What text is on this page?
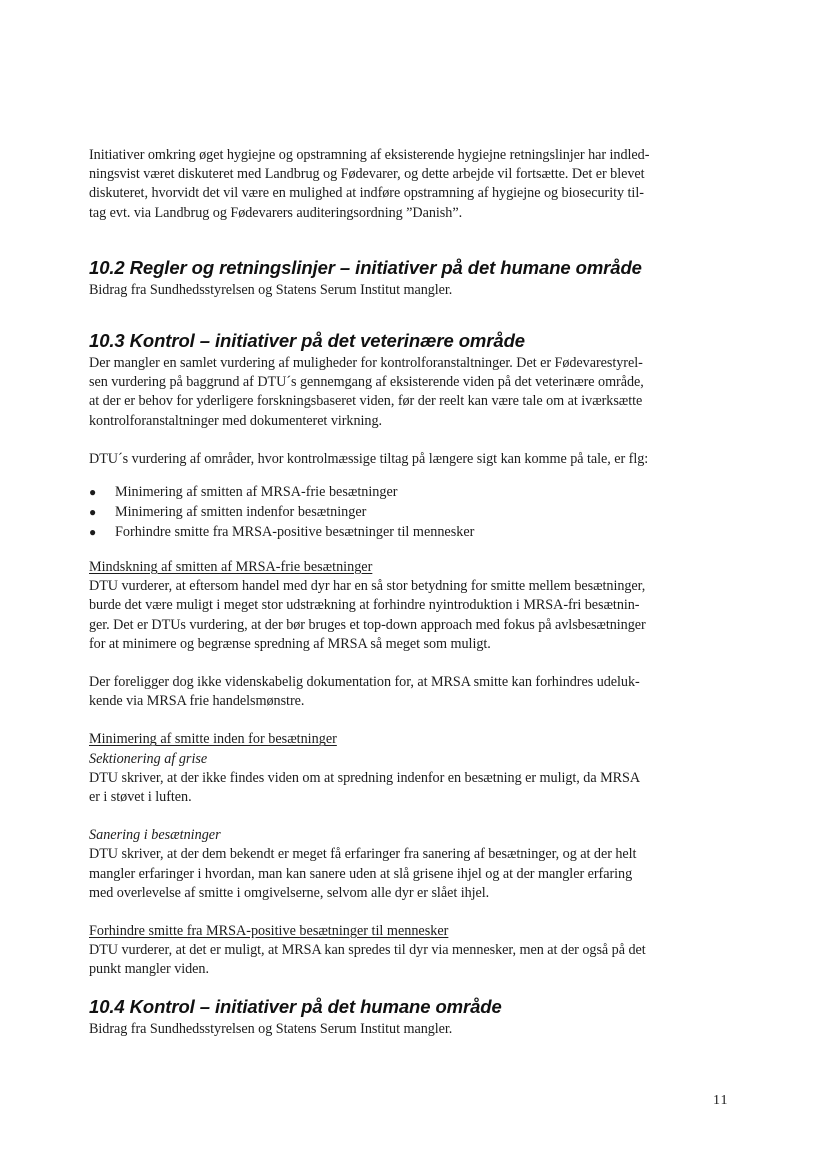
Initiativer omkring øget hygiejne og opstramning af eksisterende hygiejne retningslinjer har indled-
ningsvist været diskuteret med Landbrug og Fødevarer, og dette arbejde vil fortsætte. Det er blevet
diskuteret, hvorvidt det vil være en mulighed at indføre opstramning af hygiejne og biosecurity til-
tag evt. via Landbrug og Fødevarers auditeringsordning ”Danish”.

10.2 Regler og retningslinjer – initiativer på det humane område

Bidrag fra Sundhedsstyrelsen og Statens Serum Institut mangler.

10.3 Kontrol – initiativer på det veterinære område

Der mangler en samlet vurdering af muligheder for kontrolforanstaltninger. Det er Fødevarestyrel-
sen vurdering på baggrund af DTU´s gennemgang af eksisterende viden på det veterinære område,
at der er behov for yderligere forskningsbaseret viden, før der reelt kan være tale om at iværksætte
kontrolforanstaltninger med dokumenteret virkning.

DTU´s vurdering af områder, hvor kontrolmæssige tiltag på længere sigt kan komme på tale, er flg:

● Minimering af smitten af MRSA-frie besætninger
● Minimering af smitten indenfor besætninger
● Forhindre smitte fra MRSA-positive besætninger til mennesker

Mindskning af smitten af MRSA-frie besætninger

DTU vurderer, at eftersom handel med dyr har en så stor betydning for smitte mellem besætninger,
burde det være muligt i meget stor udstrækning at forhindre nyintroduktion i MRSA-fri besætnin-
ger. Det er DTUs vurdering, at der bør bruges et top-down approach med fokus på avlsbesætninger
for at minimere og begrænse spredning af MRSA så meget som muligt.

Der foreligger dog ikke videnskabelig dokumentation for, at MRSA smitte kan forhindres udeluk-
kende via MRSA frie handelsmønstre.

Minimering af smitte inden for besætninger

Sektionering af grise

DTU skriver, at der ikke findes viden om at spredning indenfor en besætning er muligt, da MRSA
er i støvet i luften.

Sanering i besætninger

DTU skriver, at der dem bekendt er meget få erfaringer fra sanering af besætninger, og at der helt
mangler erfaringer i hvordan, man kan sanere uden at slå grisene ihjel og at der mangler erfaring
med overlevelse af smitte i omgivelserne, selvom alle dyr er slået ihjel.

Forhindre smitte fra MRSA-positive besætninger til mennesker

DTU vurderer, at det er muligt, at MRSA kan spredes til dyr via mennesker, men at der også på det
punkt mangler viden.

10.4 Kontrol – initiativer på det humane område

Bidrag fra Sundhedsstyrelsen og Statens Serum Institut mangler.

11
